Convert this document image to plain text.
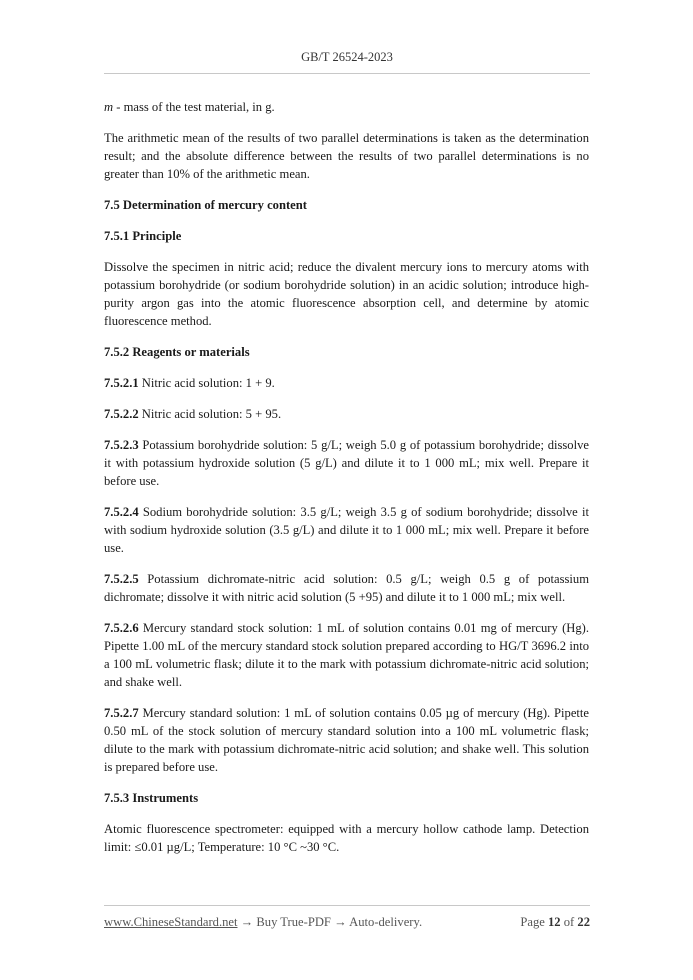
GB/T 26524-2023

m - mass of the test material, in g.

The arithmetic mean of the results of two parallel determinations is taken as the determination result; and the absolute difference between the results of two parallel determinations is no greater than 10% of the arithmetic mean.

7.5 Determination of mercury content
7.5.1 Principle

Dissolve the specimen in nitric acid; reduce the divalent mercury ions to mercury atoms with potassium borohydride (or sodium borohydride solution) in an acidic solution; introduce high-purity argon gas into the atomic fluorescence absorption cell, and determine by atomic fluorescence method.

7.5.2 Reagents or materials

7.5.2.1 Nitric acid solution: 1 + 9.

7.5.2.2 Nitric acid solution: 5 + 95.

7.5.2.3 Potassium borohydride solution: 5 g/L; weigh 5.0 g of potassium borohydride; dissolve it with potassium hydroxide solution (5 g/L) and dilute it to 1 000 mL; mix well. Prepare it before use.

7.5.2.4 Sodium borohydride solution: 3.5 g/L; weigh 3.5 g of sodium borohydride; dissolve it with sodium hydroxide solution (3.5 g/L) and dilute it to 1 000 mL; mix well. Prepare it before use.

7.5.2.5 Potassium dichromate-nitric acid solution: 0.5 g/L; weigh 0.5 g of potassium dichromate; dissolve it with nitric acid solution (5 +95) and dilute it to 1 000 mL; mix well.

7.5.2.6 Mercury standard stock solution: 1 mL of solution contains 0.01 mg of mercury (Hg). Pipette 1.00 mL of the mercury standard stock solution prepared according to HG/T 3696.2 into a 100 mL volumetric flask; dilute it to the mark with potassium dichromate-nitric acid solution; and shake well.

7.5.2.7 Mercury standard solution: 1 mL of solution contains 0.05 µg of mercury (Hg). Pipette 0.50 mL of the stock solution of mercury standard solution into a 100 mL volumetric flask; dilute to the mark with potassium dichromate-nitric acid solution; and shake well. This solution is prepared before use.

7.5.3 Instruments

Atomic fluorescence spectrometer: equipped with a mercury hollow cathode lamp. Detection limit: ≤0.01 µg/L; Temperature: 10 °C ~30 °C.

www.ChineseStandard.net → Buy True-PDF → Auto-delivery.	Page 12 of 22
